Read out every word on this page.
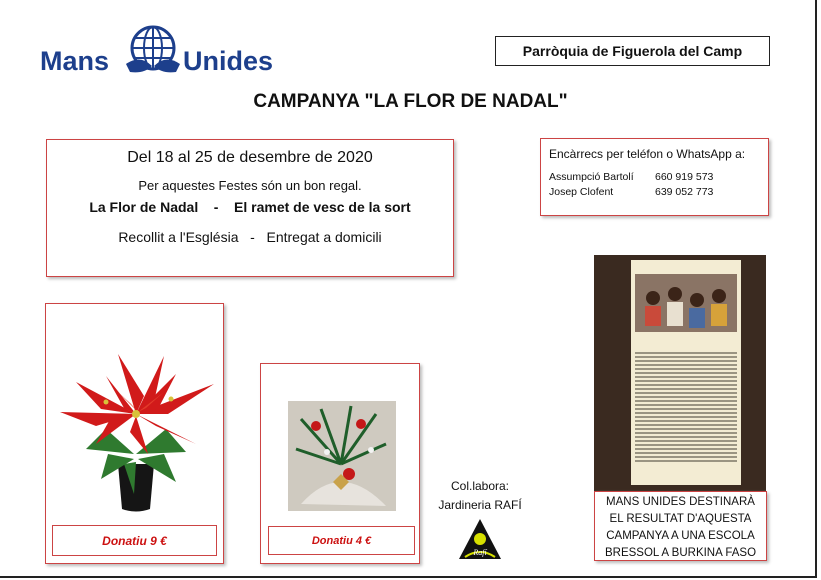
Mans	Unides	Parròquia de Figuerola del Camp
CAMPANYA "LA FLOR DE NADAL"
Del 18 al 25 de desembre de 2020
Per aquestes Festes són un bon regal.
La Flor de Nadal - El ramet de vesc de la sort
Recollit a l'Església - Entregat a domicili
Encàrrecs per teléfon o WhatsApp a:
Assumpció Bartolí 660 919 573
Josep Clofent	639 052 773
Donatiu 9 €	Donatiu 4 €
Col.labora:
Jardineria RAFÍ
Rafí
MANS UNIDES DESTINARÀ
EL RESULTAT D'AQUESTA
CAMPANYA A UNA ESCOLA
BRESSOL A BURKINA FASO
